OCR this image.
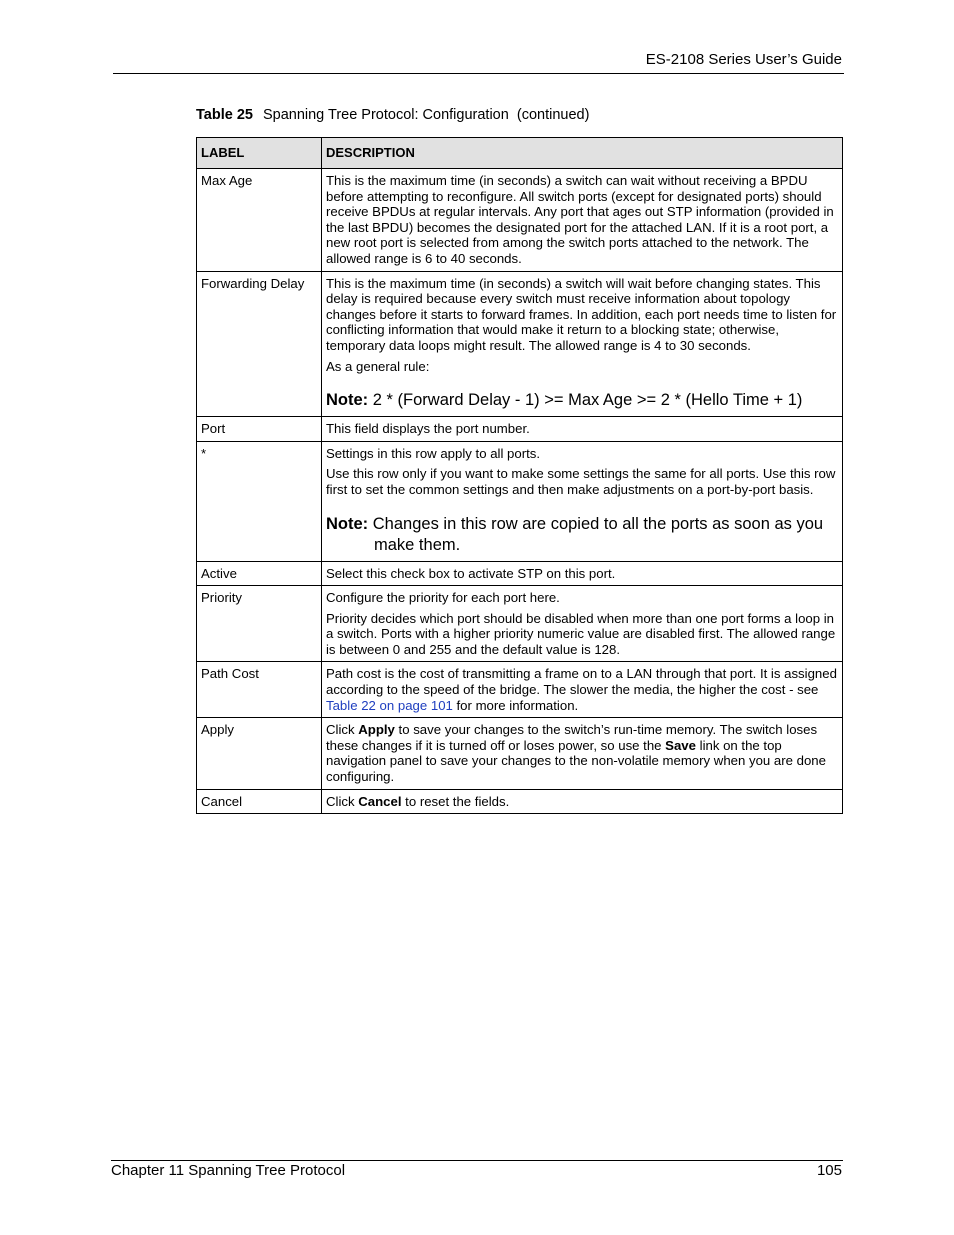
ES-2108 Series User’s Guide
Table 25 Spanning Tree Protocol: Configuration  (continued)
LABEL	DESCRIPTION
Max Age	This is the maximum time (in seconds) a switch can wait without receiving a BPDU before attempting to reconfigure. All switch ports (except for designated ports) should receive BPDUs at regular intervals. Any port that ages out STP information (provided in the last BPDU) becomes the designated port for the attached LAN. If it is a root port, a new root port is selected from among the switch ports attached to the network. The allowed range is 6 to 40 seconds.

Forwarding Delay	This is the maximum time (in seconds) a switch will wait before changing states. This delay is required because every switch must receive information about topology changes before it starts to forward frames. In addition, each port needs time to listen for conflicting information that would make it return to a blocking state; otherwise, temporary data loops might result. The allowed range is 4 to 30 seconds.

As a general rule:

Note: 2 * (Forward Delay - 1) >= Max Age >= 2 * (Hello Time + 1)

Port	This field displays the port number.

*	Settings in this row apply to all ports.

Use this row only if you want to make some settings the same for all ports. Use this row first to set the common settings and then make adjustments on a port-by-port basis.

Note: Changes in this row are copied to all the ports as soon as you make them.

Active	Select this check box to activate STP on this port.

Priority	Configure the priority for each port here.

Priority decides which port should be disabled when more than one port forms a loop in a switch. Ports with a higher priority numeric value are disabled first. The allowed range is between 0 and 255 and the default value is 128.

Path Cost	Path cost is the cost of transmitting a frame on to a LAN through that port. It is assigned according to the speed of the bridge. The slower the media, the higher the cost - see Table 22 on page 101 for more information.

Apply	Click Apply to save your changes to the switch’s run-time memory. The switch loses these changes if it is turned off or loses power, so use the Save link on the top navigation panel to save your changes to the non-volatile memory when you are done configuring.

Cancel	Click Cancel to reset the fields.

Chapter 11 Spanning Tree Protocol	105
